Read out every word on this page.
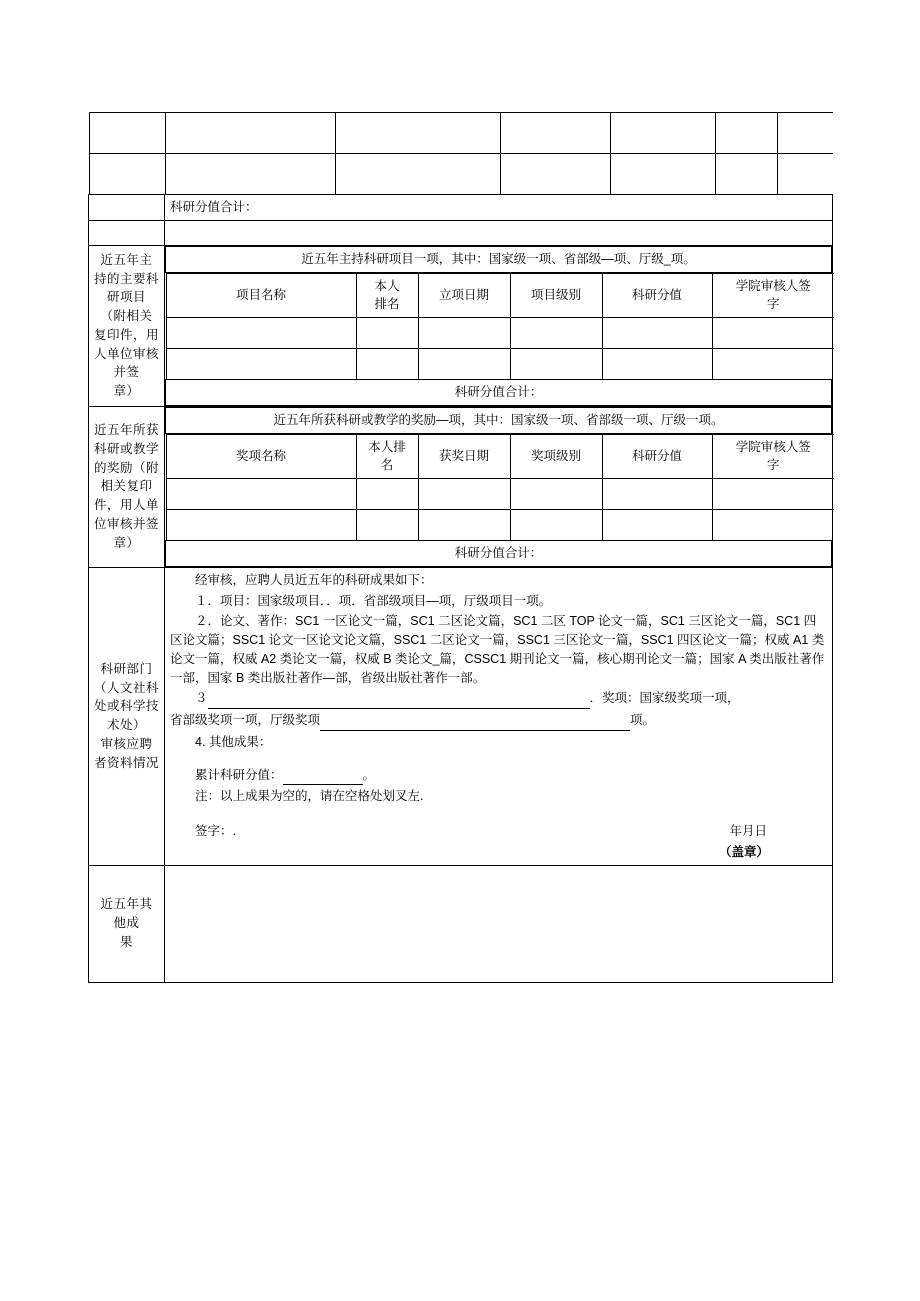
	科研分值合计：

近五年主
持的主要科
研项目
（附相关
复印件，用
人单位审核
并签
章）	
近五年主持科研项目一项，其中：国家级一项、省部级—项、厅级_项。

项目名称	本人
排名	立项日期	项目级别	科研分值	学院审核人签
字

科研分值合计：

近五年所获
科研或教学
的奖励（附
相关复印
件，用人单
位审核并签
章）	
近五年所获科研或教学的奖励—项，其中：国家级一项、省部级一项、厅级一项。

奖项名称	本人排
名	获奖日期	奖项级别	科研分值	学院审核人签
字

科研分值合计：

科研部门
（人文社科
处或科学技
术处）
审核应聘
者资料情况	

经审核，应聘人员近五年的科研成果如下：

１．项目：国家级项目．．项．省部级项目—项，厅级项目一项。

２．论文、著作：SC1 一区论文一篇，SC1 二区论文篇，SC1 二区 TOP 论文一篇，SC1 三区论文一篇，SC1 四区论文篇；SSC1 论文一区论文论文篇，SSC1 二区论文一篇，SSC1 三区论文一篇，SSC1 四区论文一篇；权威 A1 类论文一篇，权威 A2 类论文一篇，权威 B 类论文_篇，CSSC1 期刊论文一篇，核心期刊论文一篇；国家 A 类出版社著作一部，国家 B 类出版社著作—部，省级出版社著作一部。

３	．奖项：国家级奖项一项，

省部级奖项一项，厅级奖项	项。

4. 其他成果：

累计科研分值：	。

注：以上成果为空的，请在空格处划叉左.

签字：.	年月日
（盖章）

近五年其
他成
果	
